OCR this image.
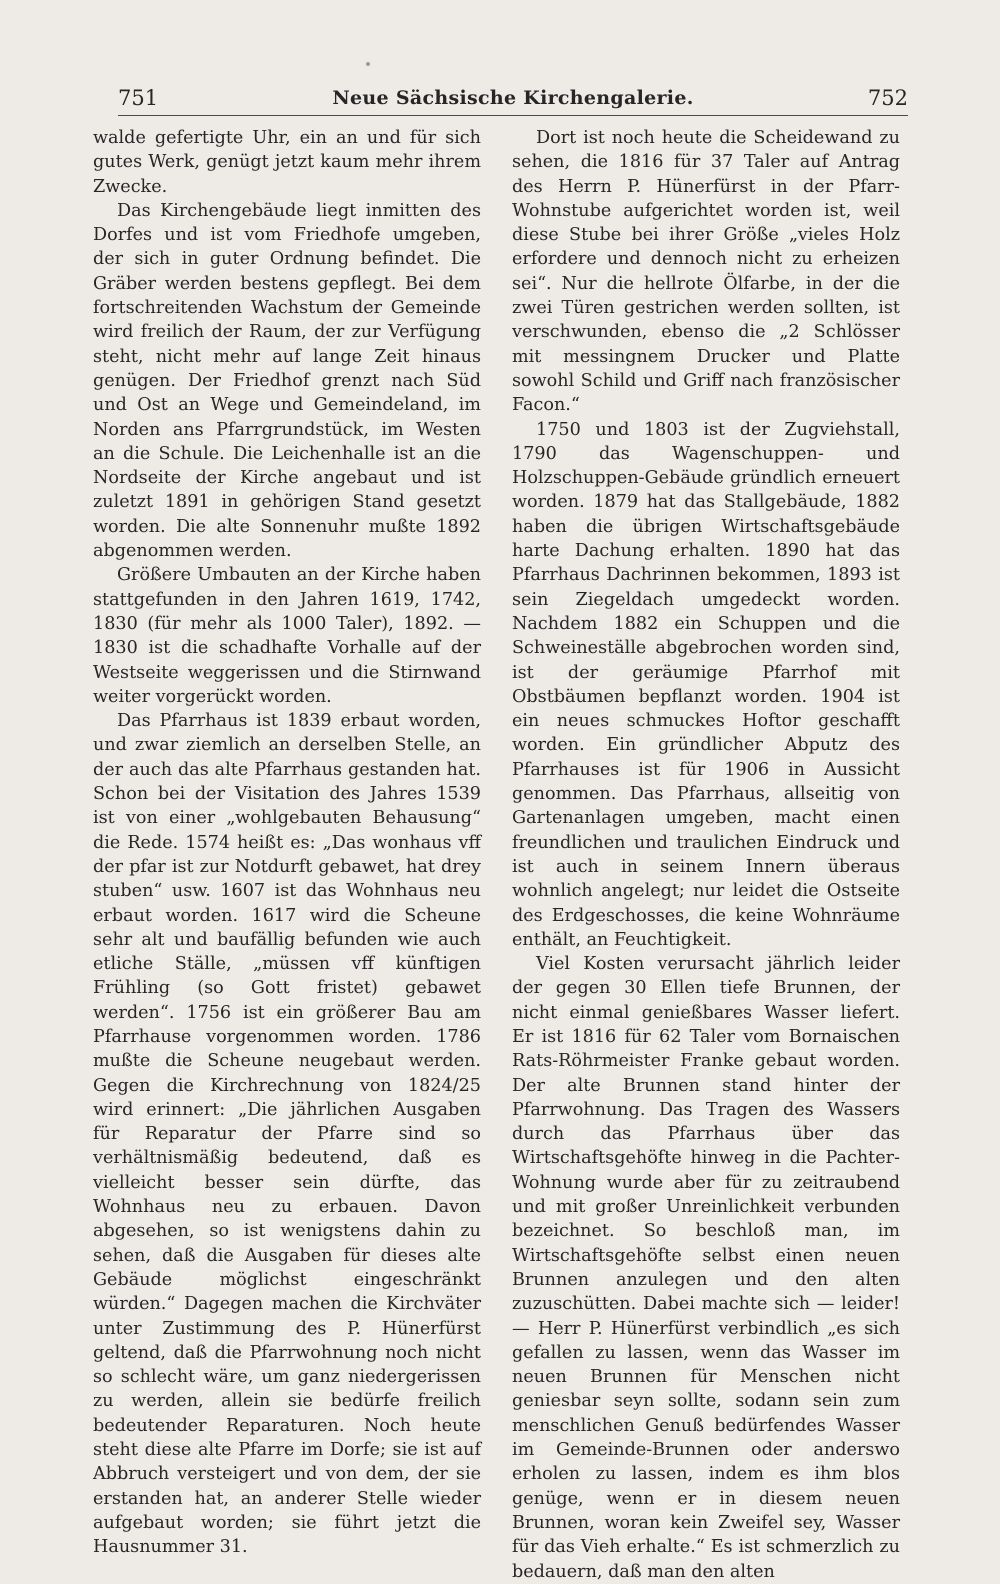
751	Neue Sächsische Kirchengalerie.	752

walde gefertigte Uhr, ein an und für sich gutes Werk, genügt jetzt kaum mehr ihrem Zwecke.

Das Kirchengebäude liegt inmitten des Dorfes und ist vom Friedhofe umgeben, der sich in guter Ordnung befindet. Die Gräber werden bestens gepflegt. Bei dem fortschreitenden Wachstum der Gemeinde wird freilich der Raum, der zur Verfügung steht, nicht mehr auf lange Zeit hinaus genügen. Der Friedhof grenzt nach Süd und Ost an Wege und Gemeindeland, im Norden ans Pfarrgrundstück, im Westen an die Schule. Die Leichenhalle ist an die Nordseite der Kirche angebaut und ist zuletzt 1891 in gehörigen Stand gesetzt worden. Die alte Sonnenuhr mußte 1892 abgenommen werden.

Größere Umbauten an der Kirche haben stattgefunden in den Jahren 1619, 1742, 1830 (für mehr als 1000 Taler), 1892. — 1830 ist die schadhafte Vorhalle auf der Westseite weggerissen und die Stirnwand weiter vorgerückt worden.

Das Pfarrhaus ist 1839 erbaut worden, und zwar ziemlich an derselben Stelle, an der auch das alte Pfarrhaus gestanden hat. Schon bei der Visitation des Jahres 1539 ist von einer „wohlgebauten Behausung“ die Rede. 1574 heißt es: „Das wonhaus vff der pfar ist zur Notdurft gebawet, hat drey stuben“ usw. 1607 ist das Wohnhaus neu erbaut worden. 1617 wird die Scheune sehr alt und baufällig befunden wie auch etliche Ställe, „müssen vff künftigen Frühling (so Gott fristet) gebawet werden“. 1756 ist ein größerer Bau am Pfarrhause vorgenommen worden. 1786 mußte die Scheune neugebaut werden. Gegen die Kirchrechnung von 1824/25 wird erinnert: „Die jährlichen Ausgaben für Reparatur der Pfarre sind so verhältnismäßig bedeutend, daß es vielleicht besser sein dürfte, das Wohnhaus neu zu erbauen. Davon abgesehen, so ist wenigstens dahin zu sehen, daß die Ausgaben für dieses alte Gebäude möglichst eingeschränkt würden.“ Dagegen machen die Kirchväter unter Zustimmung des P. Hünerfürst geltend, daß die Pfarrwohnung noch nicht so schlecht wäre, um ganz niedergerissen zu werden, allein sie bedürfe freilich bedeutender Reparaturen. Noch heute steht diese alte Pfarre im Dorfe; sie ist auf Abbruch versteigert und von dem, der sie erstanden hat, an anderer Stelle wieder aufgebaut worden; sie führt jetzt die Hausnummer 31.

Dort ist noch heute die Scheidewand zu sehen, die 1816 für 37 Taler auf Antrag des Herrn P. Hünerfürst in der Pfarr-Wohnstube aufgerichtet worden ist, weil diese Stube bei ihrer Größe „vieles Holz erfordere und dennoch nicht zu erheizen sei“. Nur die hellrote Ölfarbe, in der die zwei Türen gestrichen werden sollten, ist verschwunden, ebenso die „2 Schlösser mit messingnem Drucker und Platte sowohl Schild und Griff nach französischer Facon.“

1750 und 1803 ist der Zugviehstall, 1790 das Wagenschuppen- und Holzschuppen-Gebäude gründlich erneuert worden. 1879 hat das Stallgebäude, 1882 haben die übrigen Wirtschaftsgebäude harte Dachung erhalten. 1890 hat das Pfarrhaus Dachrinnen bekommen, 1893 ist sein Ziegeldach umgedeckt worden. Nachdem 1882 ein Schuppen und die Schweineställe abgebrochen worden sind, ist der geräumige Pfarrhof mit Obstbäumen bepflanzt worden. 1904 ist ein neues schmuckes Hoftor geschafft worden. Ein gründlicher Abputz des Pfarrhauses ist für 1906 in Aussicht genommen. Das Pfarrhaus, allseitig von Gartenanlagen umgeben, macht einen freundlichen und traulichen Eindruck und ist auch in seinem Innern überaus wohnlich angelegt; nur leidet die Ostseite des Erdgeschosses, die keine Wohnräume enthält, an Feuchtigkeit.

Viel Kosten verursacht jährlich leider der gegen 30 Ellen tiefe Brunnen, der nicht einmal genießbares Wasser liefert. Er ist 1816 für 62 Taler vom Bornaischen Rats-Röhrmeister Franke gebaut worden. Der alte Brunnen stand hinter der Pfarrwohnung. Das Tragen des Wassers durch das Pfarrhaus über das Wirtschaftsgehöfte hinweg in die Pachter-Wohnung wurde aber für zu zeitraubend und mit großer Unreinlichkeit verbunden bezeichnet. So beschloß man, im Wirtschaftsgehöfte selbst einen neuen Brunnen anzulegen und den alten zuzuschütten. Dabei machte sich — leider! — Herr P. Hünerfürst verbindlich „es sich gefallen zu lassen, wenn das Wasser im neuen Brunnen für Menschen nicht geniesbar seyn sollte, sodann sein zum menschlichen Genuß bedürfendes Wasser im Gemeinde-Brunnen oder anderswo erholen zu lassen, indem es ihm blos genüge, wenn er in diesem neuen Brunnen, woran kein Zweifel sey, Wasser für das Vieh erhalte.“ Es ist schmerzlich zu bedauern, daß man den alten
